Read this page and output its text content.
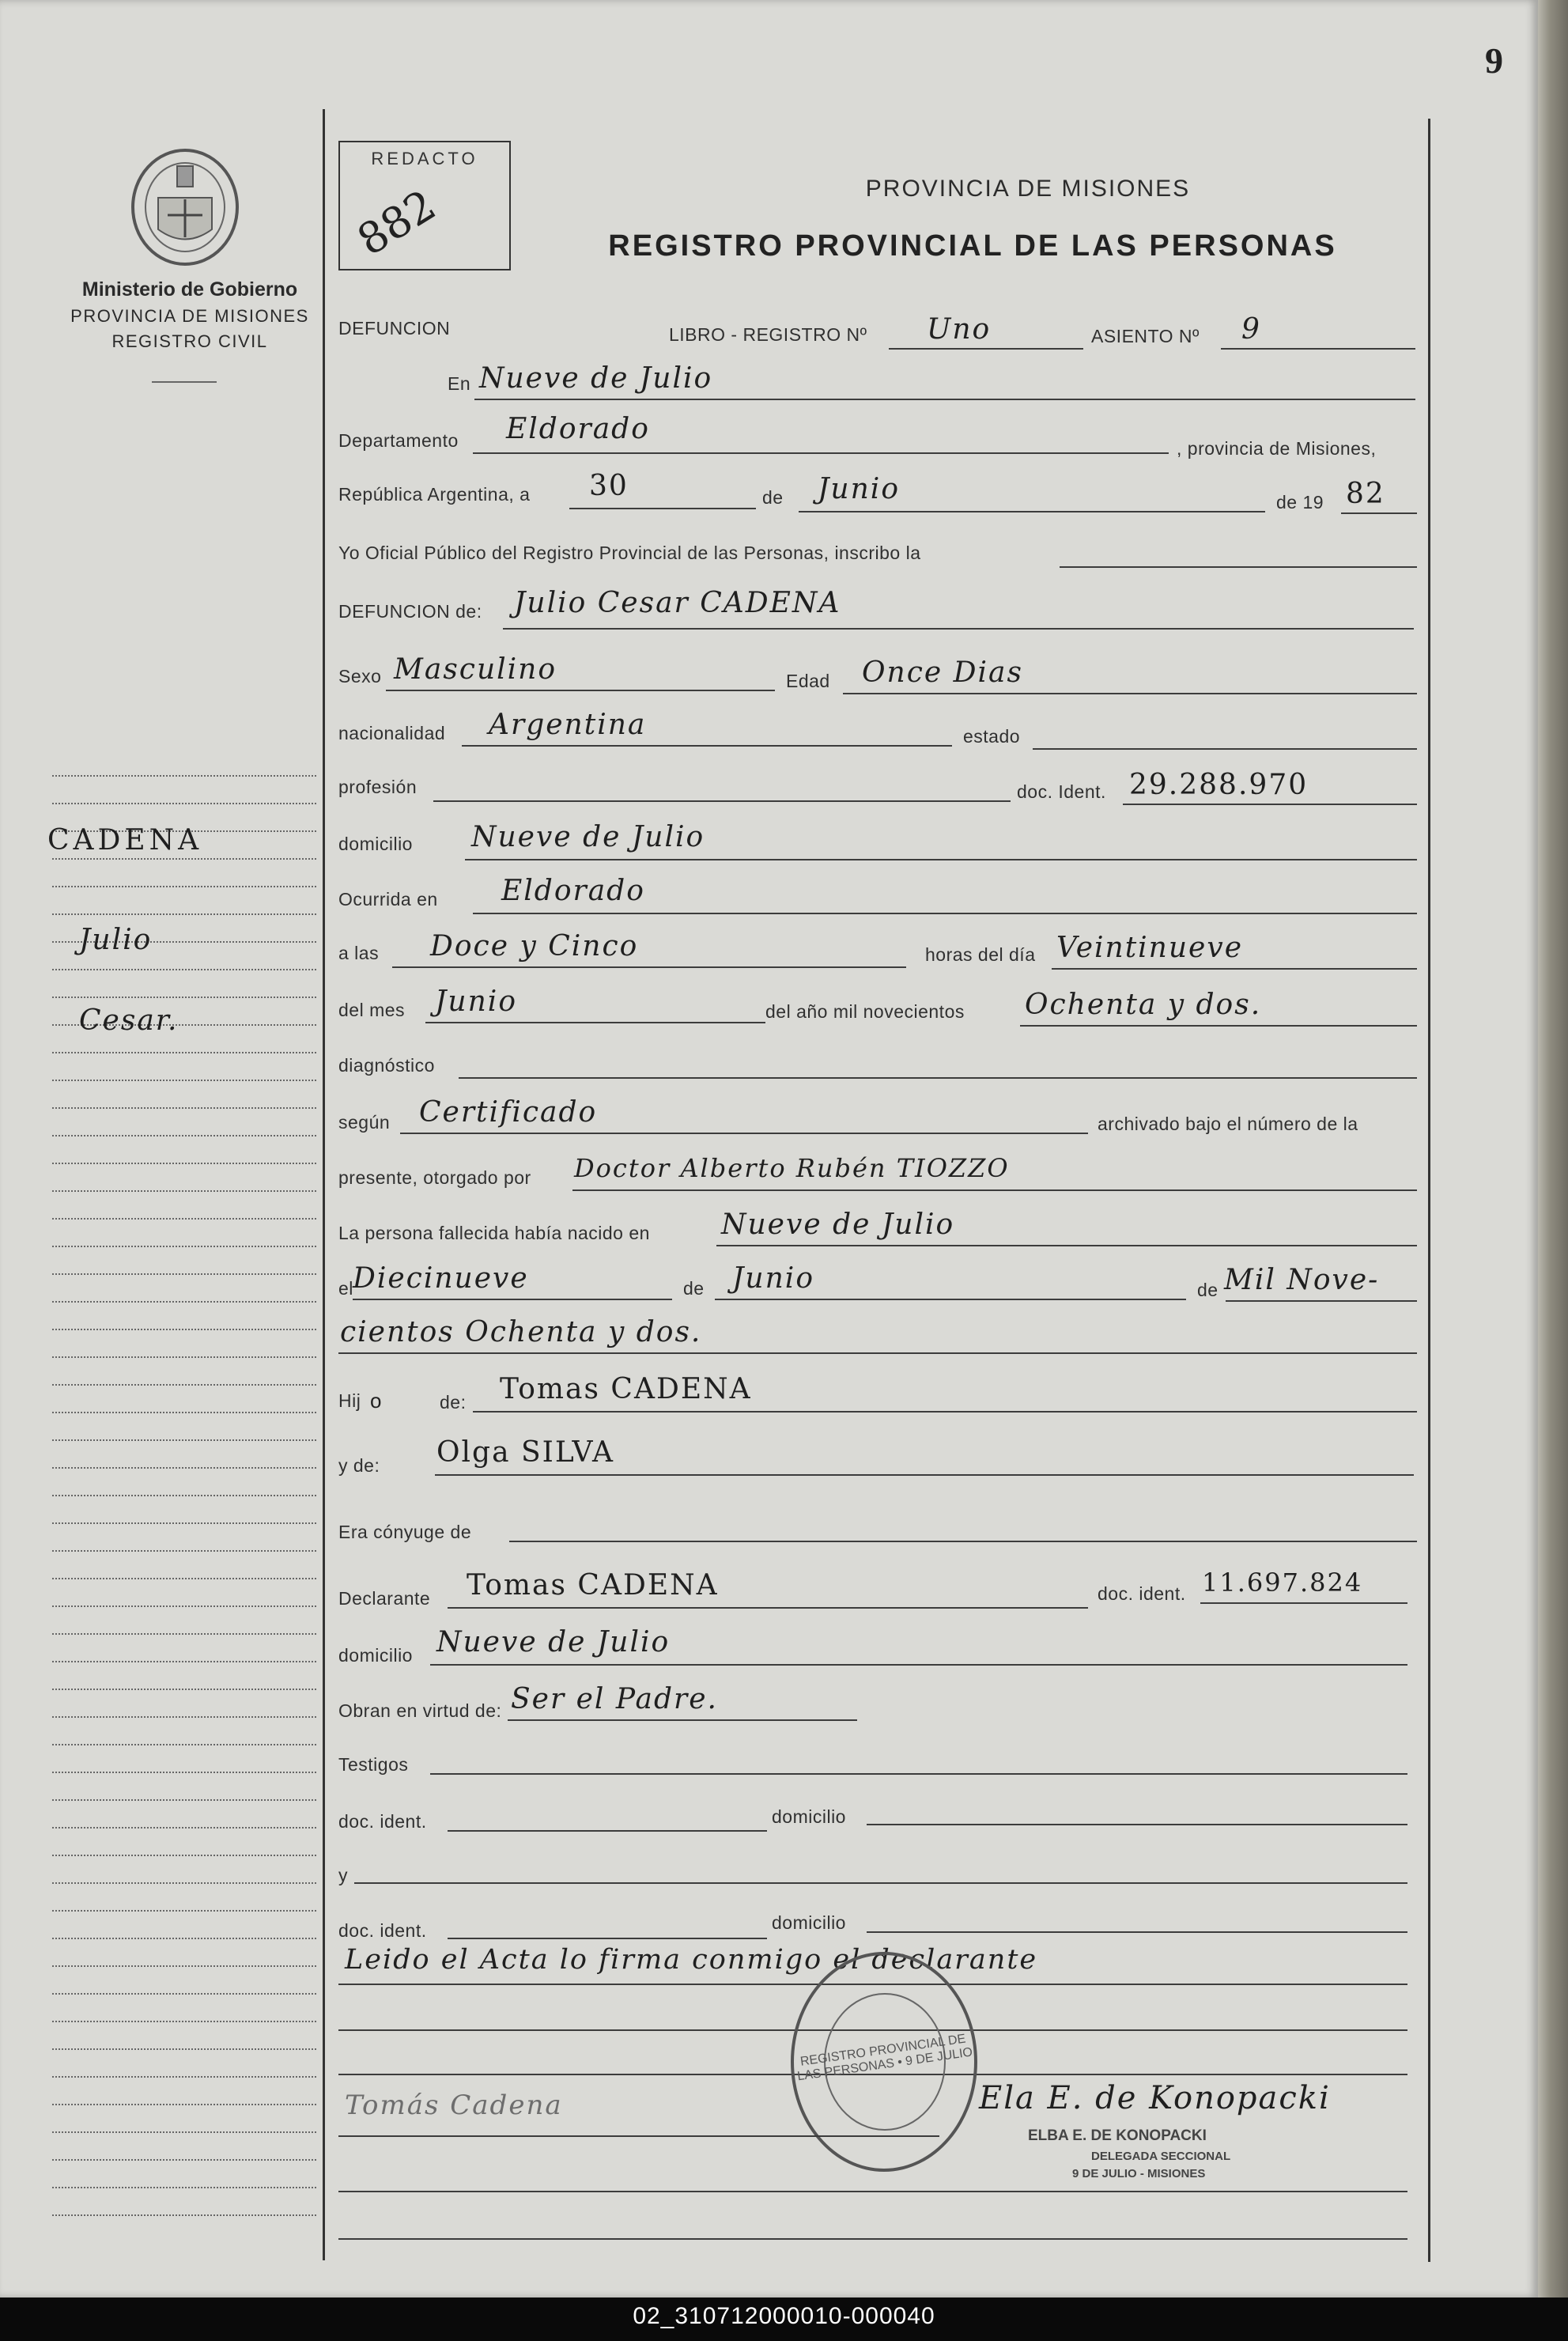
9
Ministerio de Gobierno
PROVINCIA DE MISIONES
REGISTRO CIVIL
CADENA
Julio
Cesar.
REDACTO
882	PROVINCIA DE MISIONES
REGISTRO PROVINCIAL DE LAS PERSONAS
DEFUNCION	LIBRO - REGISTRO Nº Uno	ASIENTO Nº 9
En Nueve de Julio
Departamento Eldorado
, provincia de Misiones,
República Argentina, a 30	de Junio	de 19 82
Yo Oficial Público del Registro Provincial de las Personas, inscribo la
DEFUNCION de: Julio Cesar CADENA
Sexo Masculino	Edad Once Dias
nacionalidad Argentina	estado
profesión	doc. Ident. 29.288.970
domicilio Nueve de Julio
Ocurrida en Eldorado
a las Doce y Cinco	horas del día Veintinueve
del mes Junio	del año mil novecientos Ochenta y dos.
diagnóstico
según Certificado	archivado bajo el número de la
presente, otorgado por Doctor Alberto Rubén TIOZZO
La persona fallecida había nacido en	Nueve de Julio
el Diecinueve	de Junio	de Mil Nove-
cientos Ochenta y dos.
Hij o	de: Tomas CADENA
y de: Olga SILVA
Era cónyuge de
Declarante Tomas CADENA	doc. ident. 11.697.824
domicilio Nueve de Julio
Obran en virtud de: Ser el Padre.
Testigos
doc. ident.	domicilio
y
doc. ident.	domicilio
Leido el Acta lo firma conmigo el declarante
REGISTRO PROVINCIAL DE LAS PERSONAS • 9 DE JULIO
Tomás Cadena	Ela E. de Konopacki
ELBA E. DE KONOPACKI
DELEGADA SECCIONAL
9 DE JULIO - MISIONES
02_310712000010-000040
